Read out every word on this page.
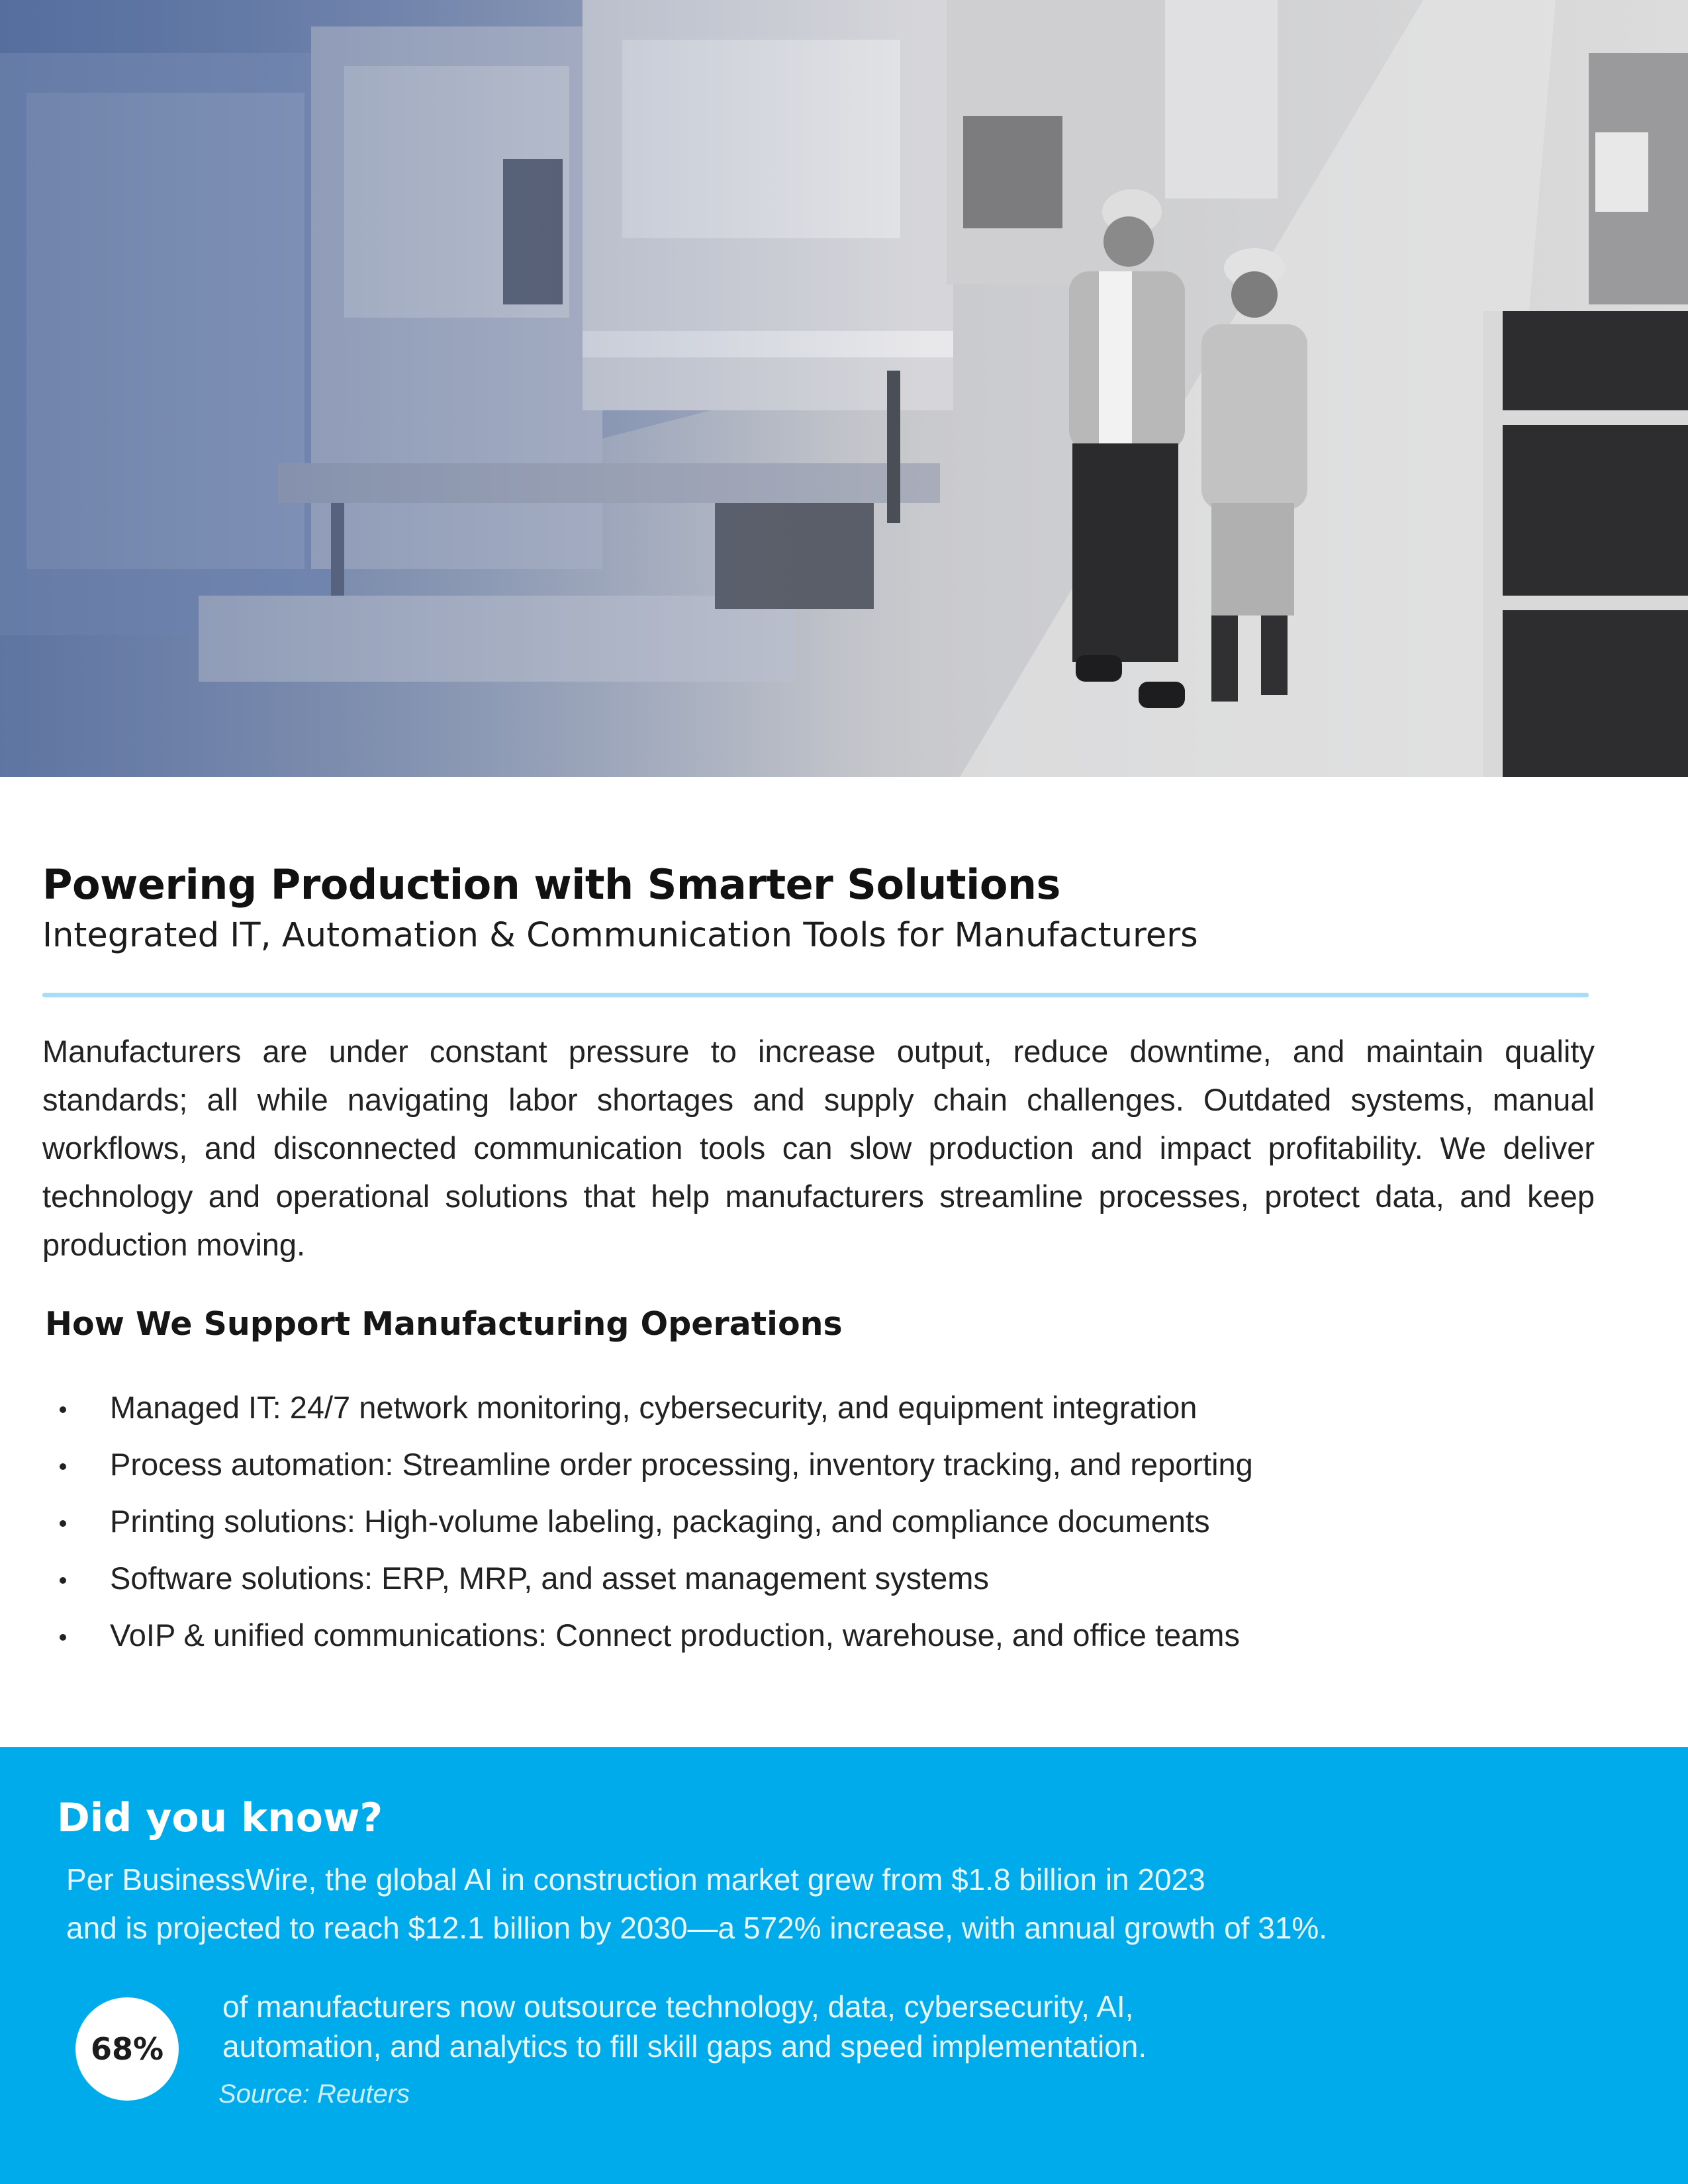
Powering Production with Smarter Solutions
Integrated IT, Automation & Communication Tools for Manufacturers

Manufacturers are under constant pressure to increase output, reduce downtime, and maintain quality standards; all while navigating labor shortages and supply chain challenges. Outdated systems, manual workflows, and disconnected communication tools can slow production and impact profitability. We deliver technology and operational solutions that help manufacturers streamline processes, protect data, and keep production moving.

How We Support Manufacturing Operations
Managed IT: 24/7 network monitoring, cybersecurity, and equipment integration
Process automation: Streamline order processing, inventory tracking, and reporting
Printing solutions: High-volume labeling, packaging, and compliance documents
Software solutions: ERP, MRP, and asset management systems
VoIP & unified communications: Connect production, warehouse, and office teams
Did you know?

Per BusinessWire, the global AI in construction market grew from $1.8 billion in 2023
and is projected to reach $12.1 billion by 2030—a 572% increase, with annual growth of 31%.

68%

of manufacturers now outsource technology, data, cybersecurity, AI,
automation, and analytics to fill skill gaps and speed implementation.

Source: Reuters
